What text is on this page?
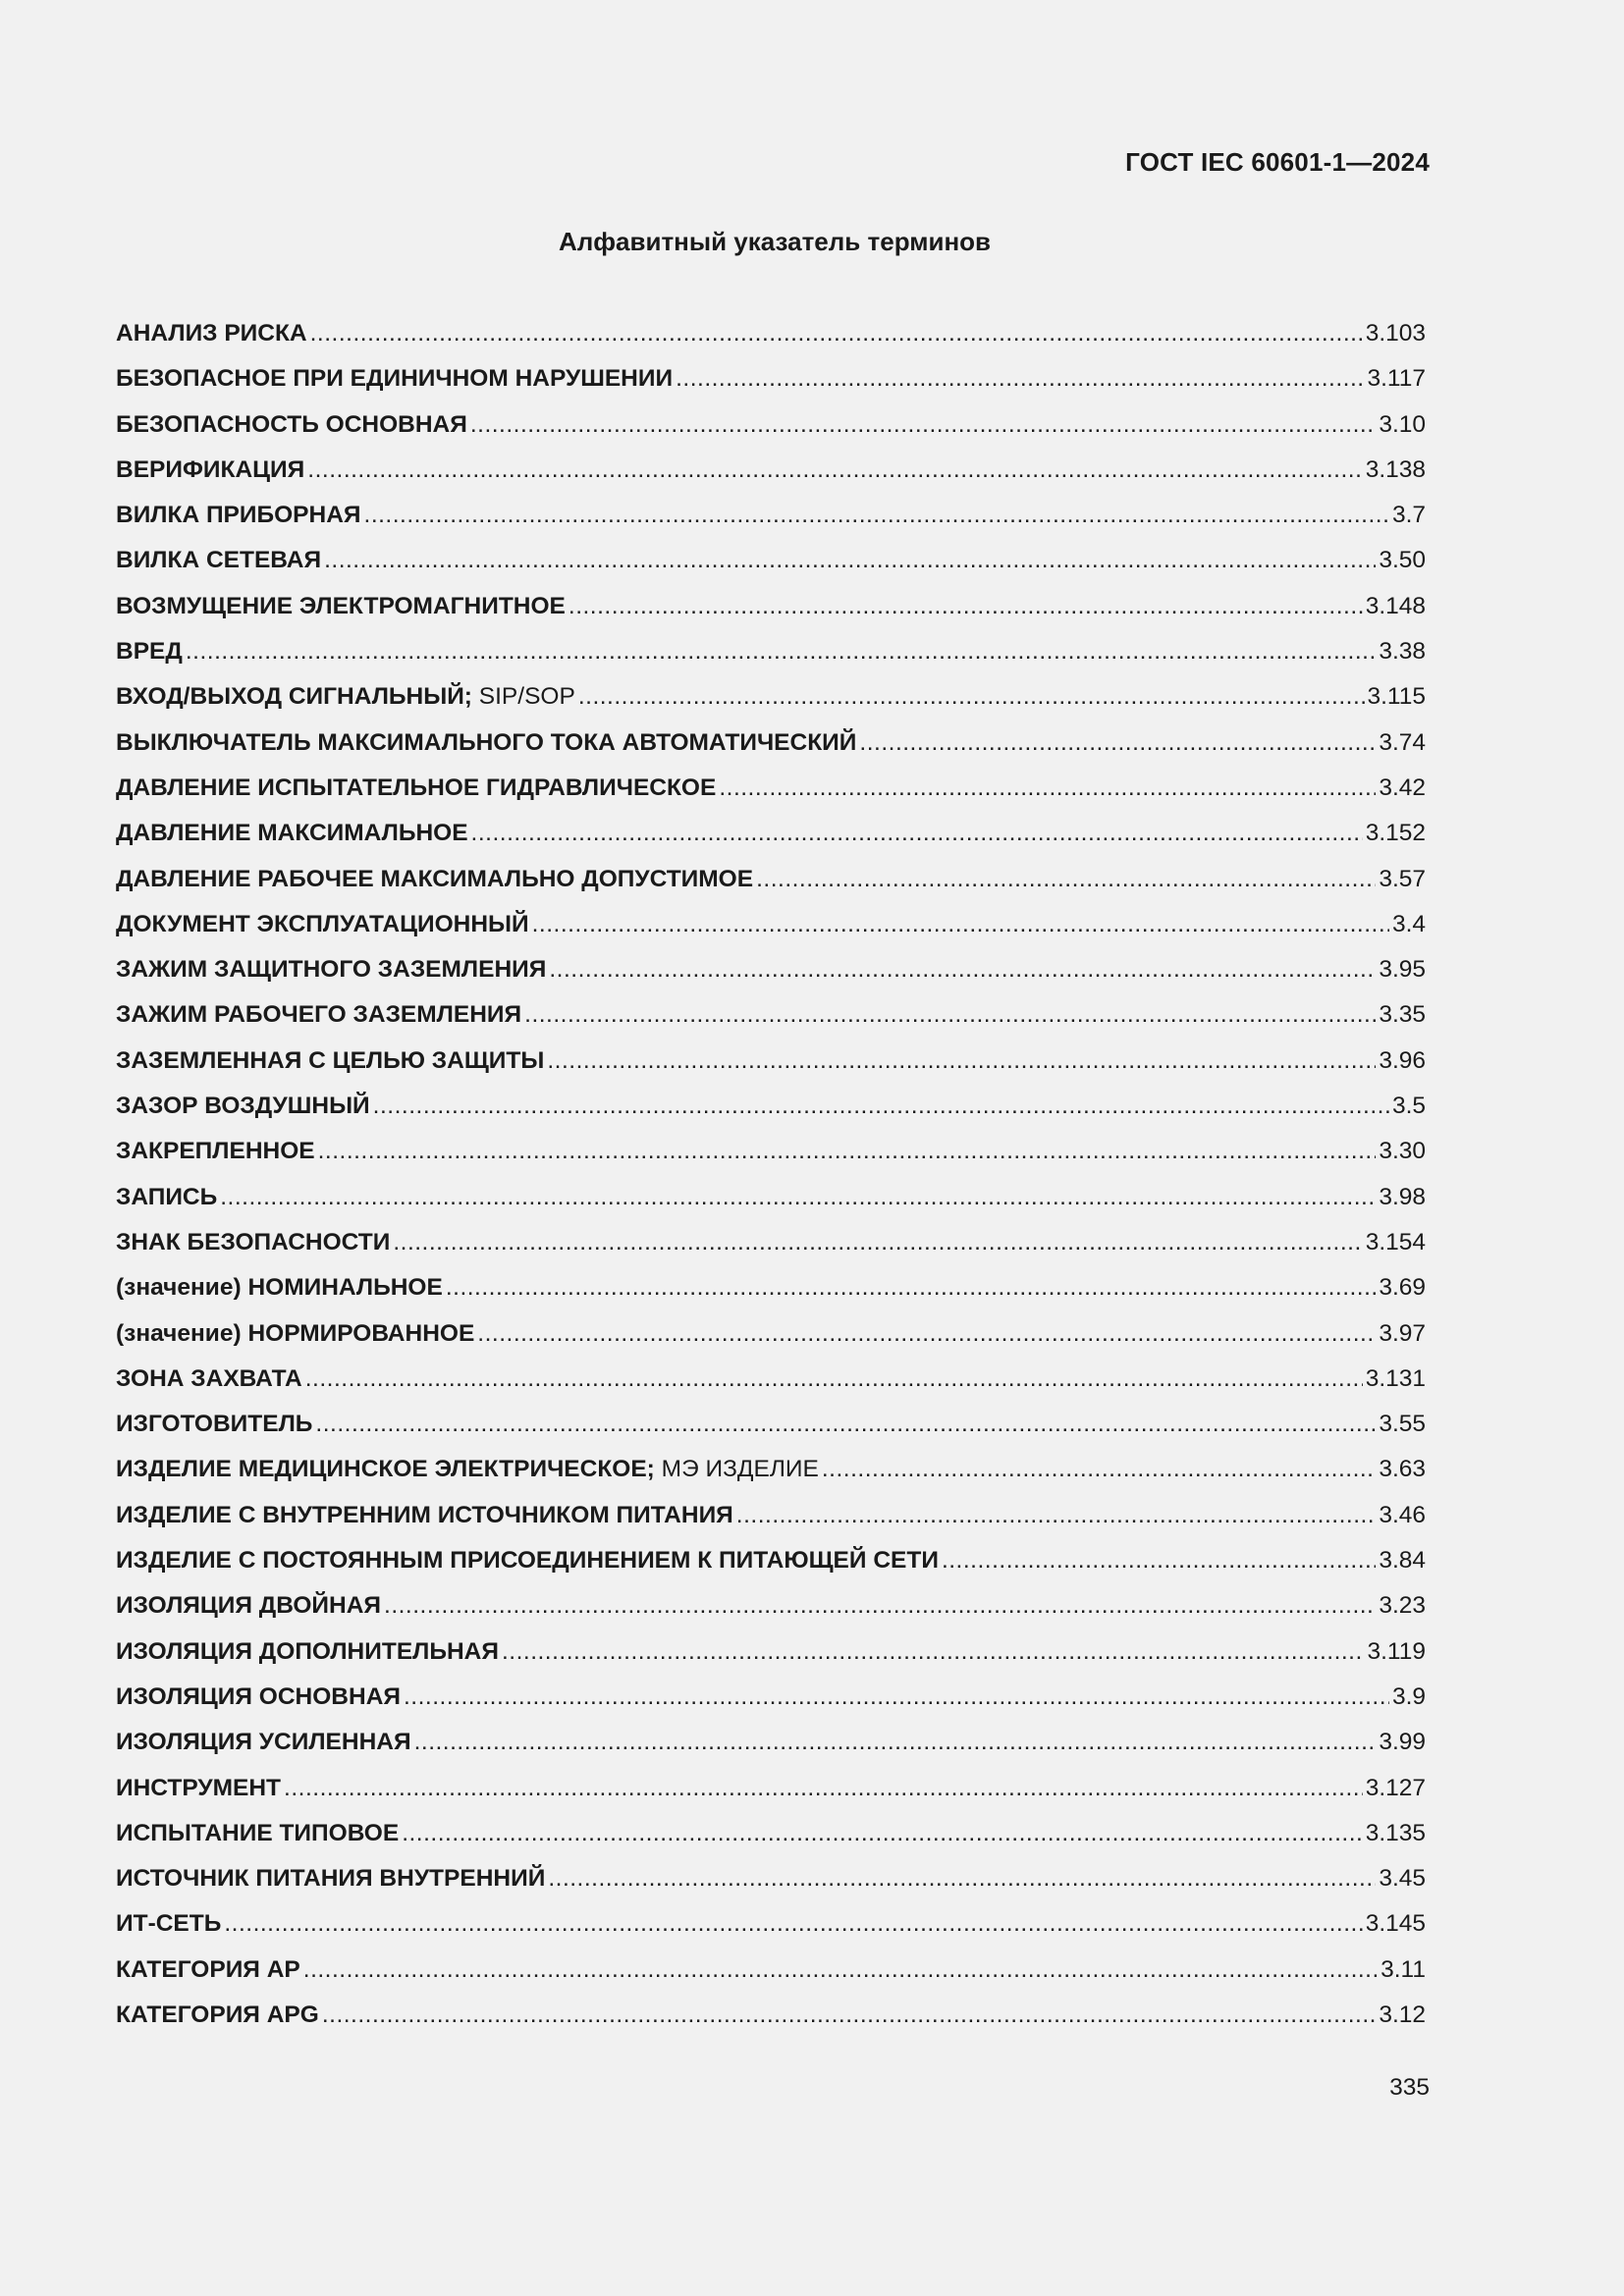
ГОСТ IEC 60601-1—2024
Алфавитный указатель терминов
АНАЛИЗ РИСКА .....	3.103
БЕЗОПАСНОЕ ПРИ ЕДИНИЧНОМ НАРУШЕНИИ .....	3.117
БЕЗОПАСНОСТЬ ОСНОВНАЯ .....	3.10
ВЕРИФИКАЦИЯ .....	3.138
ВИЛКА ПРИБОРНАЯ .....	3.7
ВИЛКА СЕТЕВАЯ .....	3.50
ВОЗМУЩЕНИЕ ЭЛЕКТРОМАГНИТНОЕ .....	3.148
ВРЕД .....	3.38
ВХОД/ВЫХОД СИГНАЛЬНЫЙ; SIP/SOP .....	3.115
ВЫКЛЮЧАТЕЛЬ МАКСИМАЛЬНОГО ТОКА АВТОМАТИЧЕСКИЙ .....	3.74
ДАВЛЕНИЕ ИСПЫТАТЕЛЬНОЕ ГИДРАВЛИЧЕСКОЕ .....	3.42
ДАВЛЕНИЕ МАКСИМАЛЬНОЕ .....	3.152
ДАВЛЕНИЕ РАБОЧЕЕ МАКСИМАЛЬНО ДОПУСТИМОЕ .....	3.57
ДОКУМЕНТ ЭКСПЛУАТАЦИОННЫЙ .....	3.4
ЗАЖИМ ЗАЩИТНОГО ЗАЗЕМЛЕНИЯ .....	3.95
ЗАЖИМ РАБОЧЕГО ЗАЗЕМЛЕНИЯ .....	3.35
ЗАЗЕМЛЕННАЯ С ЦЕЛЬЮ ЗАЩИТЫ .....	3.96
ЗАЗОР ВОЗДУШНЫЙ .....	3.5
ЗАКРЕПЛЕННОЕ .....	3.30
ЗАПИСЬ .....	3.98
ЗНАК БЕЗОПАСНОСТИ .....	3.154
(значение) НОМИНАЛЬНОЕ .....	3.69
(значение) НОРМИРОВАННОЕ .....	3.97
ЗОНА ЗАХВАТА .....	3.131
ИЗГОТОВИТЕЛЬ .....	3.55
ИЗДЕЛИЕ МЕДИЦИНСКОЕ ЭЛЕКТРИЧЕСКОЕ; МЭ ИЗДЕЛИЕ .....	3.63
ИЗДЕЛИЕ С ВНУТРЕННИМ ИСТОЧНИКОМ ПИТАНИЯ .....	3.46
ИЗДЕЛИЕ С ПОСТОЯННЫМ ПРИСОЕДИНЕНИЕМ К ПИТАЮЩЕЙ СЕТИ .....	3.84
ИЗОЛЯЦИЯ ДВОЙНАЯ .....	3.23
ИЗОЛЯЦИЯ ДОПОЛНИТЕЛЬНАЯ .....	3.119
ИЗОЛЯЦИЯ ОСНОВНАЯ .....	3.9
ИЗОЛЯЦИЯ УСИЛЕННАЯ .....	3.99
ИНСТРУМЕНТ .....	3.127
ИСПЫТАНИЕ ТИПОВОЕ .....	3.135
ИСТОЧНИК ПИТАНИЯ ВНУТРЕННИЙ .....	3.45
ИТ-СЕТЬ .....	3.145
КАТЕГОРИЯ АР .....	3.11
КАТЕГОРИЯ APG .....	3.12
335
